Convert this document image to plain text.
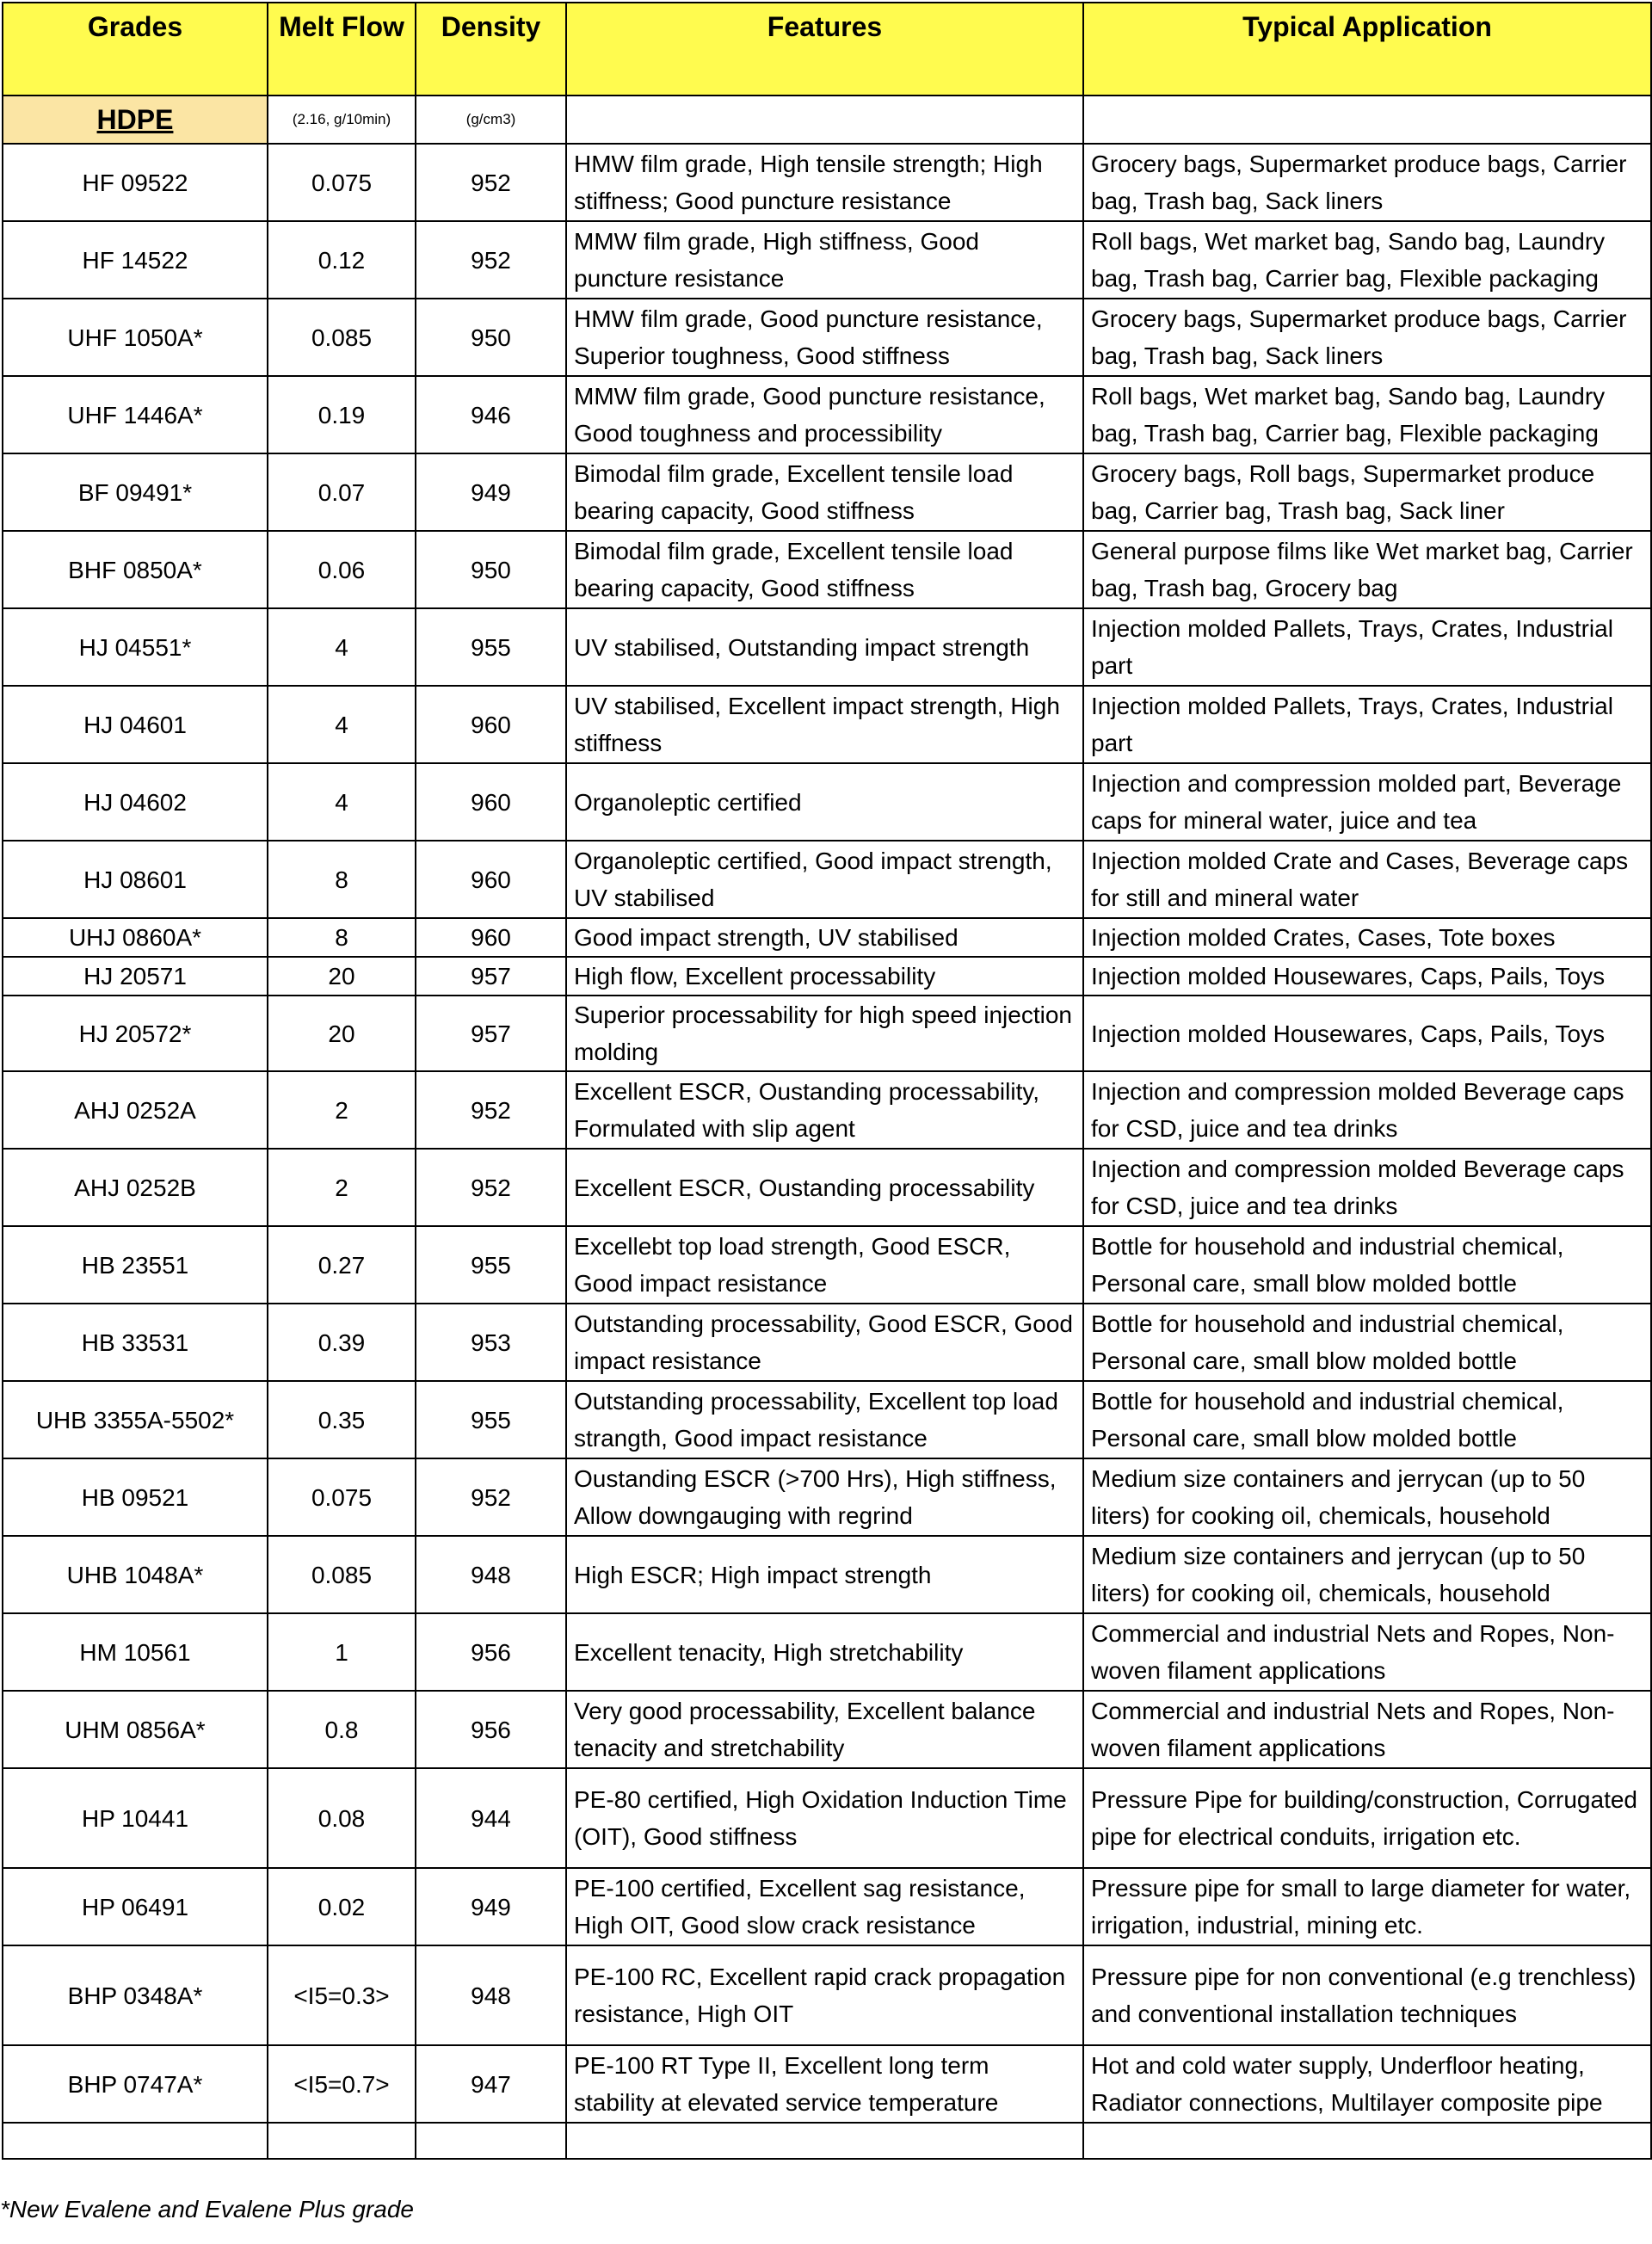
Grades	Melt Flow	Density	Features	Typical Application
HDPE	(2.16, g/10min)	(g/cm3)		
HF 09522	0.075	952	HMW film grade, High tensile strength; High stiffness; Good puncture resistance	Grocery bags, Supermarket produce bags, Carrier bag, Trash bag, Sack liners
HF 14522	0.12	952	MMW film grade, High stiffness, Good puncture resistance	Roll bags, Wet market bag, Sando bag, Laundry bag, Trash bag, Carrier bag, Flexible packaging
UHF 1050A*	0.085	950	HMW film grade, Good puncture resistance, Superior toughness, Good stiffness	Grocery bags, Supermarket produce bags, Carrier bag, Trash bag, Sack liners
UHF 1446A*	0.19	946	MMW film grade, Good puncture resistance, Good toughness and processibility	Roll bags, Wet market bag, Sando bag, Laundry bag, Trash bag, Carrier bag, Flexible packaging
BF 09491*	0.07	949	Bimodal film grade, Excellent tensile load bearing capacity, Good stiffness	Grocery bags, Roll bags, Supermarket produce bag, Carrier bag, Trash bag, Sack liner
BHF 0850A*	0.06	950	Bimodal film grade, Excellent tensile load bearing capacity, Good stiffness	General purpose films like Wet market bag, Carrier bag, Trash bag, Grocery bag
HJ 04551*	4	955	UV stabilised, Outstanding impact strength	Injection molded Pallets, Trays, Crates, Industrial part
HJ 04601	4	960	UV stabilised, Excellent impact strength, High stiffness	Injection molded Pallets, Trays, Crates, Industrial part
HJ 04602	4	960	Organoleptic certified	Injection and compression molded part, Beverage caps for mineral water, juice and tea
HJ 08601	8	960	Organoleptic certified, Good impact strength, UV stabilised	Injection molded Crate and Cases, Beverage caps for still and mineral water
UHJ 0860A*	8	960	Good impact strength, UV stabilised	Injection molded Crates, Cases, Tote boxes
HJ 20571	20	957	High flow, Excellent processability	Injection molded Housewares, Caps, Pails, Toys
HJ 20572*	20	957	Superior processability for high speed injection molding	Injection molded Housewares, Caps, Pails, Toys
AHJ 0252A	2	952	Excellent ESCR, Oustanding processability, Formulated with slip agent	Injection and compression molded Beverage caps for CSD, juice and tea drinks
AHJ 0252B	2	952	Excellent ESCR, Oustanding processability	Injection and compression molded Beverage caps for CSD, juice and tea drinks
HB 23551	0.27	955	Excellebt top load strength, Good ESCR, Good impact resistance	Bottle for household and industrial chemical, Personal care, small blow molded bottle
HB 33531	0.39	953	Outstanding processability, Good ESCR, Good impact resistance	Bottle for household and industrial chemical, Personal care, small blow molded bottle
UHB 3355A-5502*	0.35	955	Outstanding processability, Excellent top load strangth, Good impact resistance	Bottle for household and industrial chemical, Personal care, small blow molded bottle
HB 09521	0.075	952	Oustanding ESCR (>700 Hrs), High stiffness, Allow downgauging with regrind	Medium size containers and jerrycan (up to 50 liters) for cooking oil, chemicals, household
UHB 1048A*	0.085	948	High ESCR; High impact strength	Medium size containers and jerrycan (up to 50 liters) for cooking oil, chemicals, household
HM 10561	1	956	Excellent tenacity, High stretchability	Commercial and industrial Nets and Ropes, Non-woven filament applications
UHM 0856A*	0.8	956	Very good processability, Excellent balance tenacity and stretchability	Commercial and industrial Nets and Ropes, Non-woven filament applications
HP 10441	0.08	944	PE-80 certified, High Oxidation Induction Time (OIT), Good stiffness	Pressure Pipe for building/construction, Corrugated pipe for electrical conduits, irrigation etc.
HP 06491	0.02	949	PE-100 certified, Excellent sag resistance, High OIT, Good slow crack resistance	Pressure pipe for small to large diameter for water, irrigation, industrial, mining etc.
BHP 0348A*	<I5=0.3>	948	PE-100 RC, Excellent rapid crack propagation resistance, High OIT	Pressure pipe for non conventional (e.g trenchless) and conventional installation techniques
BHP 0747A*	<I5=0.7>	947	PE-100 RT Type II, Excellent long term stability at elevated service temperature	Hot and cold water supply, Underfloor heating, Radiator connections, Multilayer composite pipe

*New Evalene and Evalene Plus grade
